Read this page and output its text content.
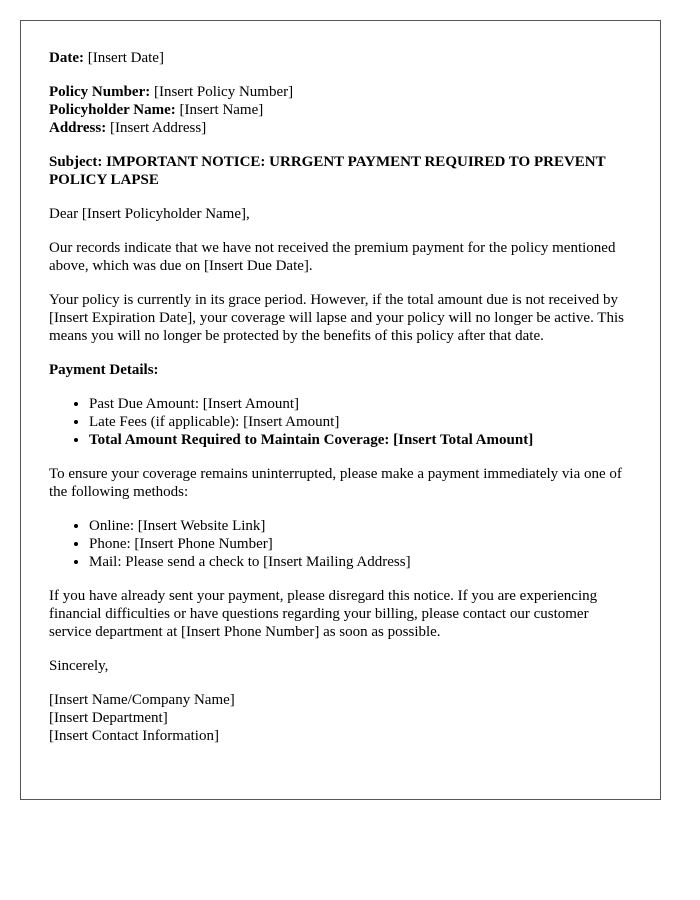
Date: [Insert Date]

Policy Number: [Insert Policy Number]
Policyholder Name: [Insert Name]
Address: [Insert Address]

Subject: IMPORTANT NOTICE: URRGENT PAYMENT REQUIRED TO PREVENT POLICY LAPSE

Dear [Insert Policyholder Name],

Our records indicate that we have not received the premium payment for the policy mentioned above, which was due on [Insert Due Date].

Your policy is currently in its grace period. However, if the total amount due is not received by [Insert Expiration Date], your coverage will lapse and your policy will no longer be active. This means you will no longer be protected by the benefits of this policy after that date.

Payment Details:

• Past Due Amount: [Insert Amount]
• Late Fees (if applicable): [Insert Amount]
• Total Amount Required to Maintain Coverage: [Insert Total Amount]

To ensure your coverage remains uninterrupted, please make a payment immediately via one of the following methods:

• Online: [Insert Website Link]
• Phone: [Insert Phone Number]
• Mail: Please send a check to [Insert Mailing Address]

If you have already sent your payment, please disregard this notice. If you are experiencing financial difficulties or have questions regarding your billing, please contact our customer service department at [Insert Phone Number] as soon as possible.

Sincerely,

[Insert Name/Company Name]
[Insert Department]
[Insert Contact Information]
